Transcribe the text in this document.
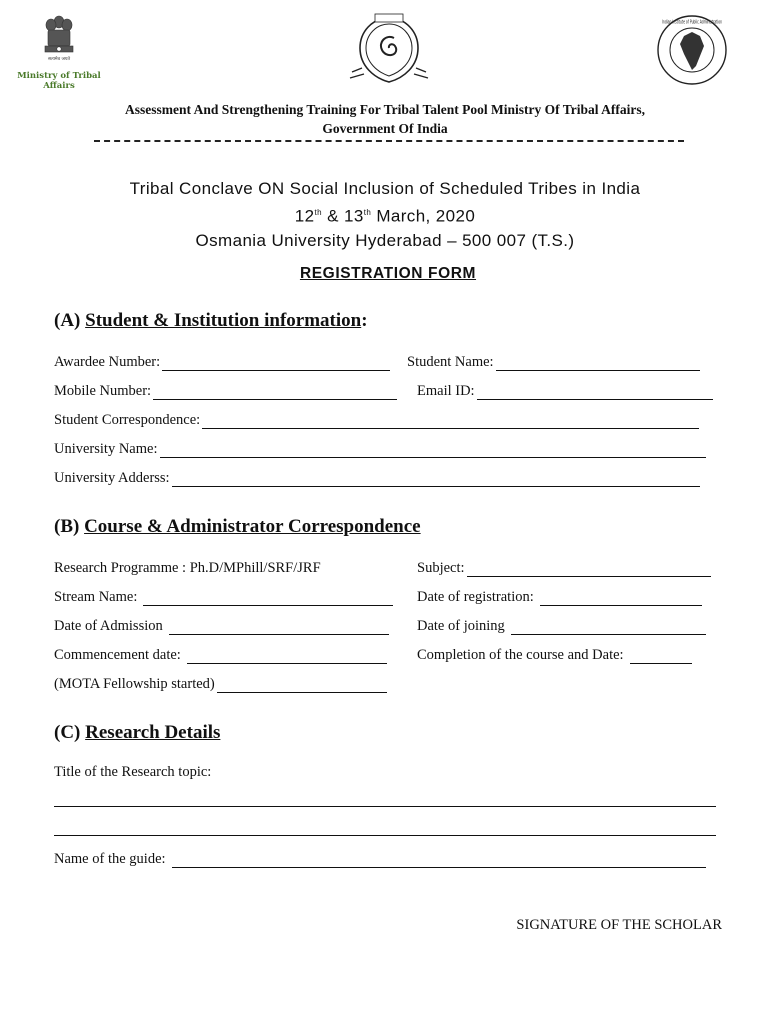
सत्यमेव जयते
Ministry of Tribal
Affairs
Indian Institute of Public Administration
Assessment And Strengthening Training For Tribal Talent Pool Ministry Of Tribal Affairs,
Government Of India
Tribal Conclave ON Social Inclusion of Scheduled Tribes in India
12th & 13th March, 2020
Osmania University Hyderabad – 500 007 (T.S.)
REGISTRATION FORM
(A) Student & Institution information:
Awardee Number:	Student Name:
Mobile Number:	Email ID:
Student Correspondence:
University Name:
University Adderss:
(B) Course & Administrator Correspondence
Research Programme : Ph.D/MPhill/SRF/JRF	Subject:
Stream Name:	Date of registration:
Date of Admission	Date of joining
Commencement date:	Completion of the course and Date:
(MOTA Fellowship started)
(C) Research Details
Title of the Research topic:
Name of the guide:
SIGNATURE OF THE SCHOLAR
